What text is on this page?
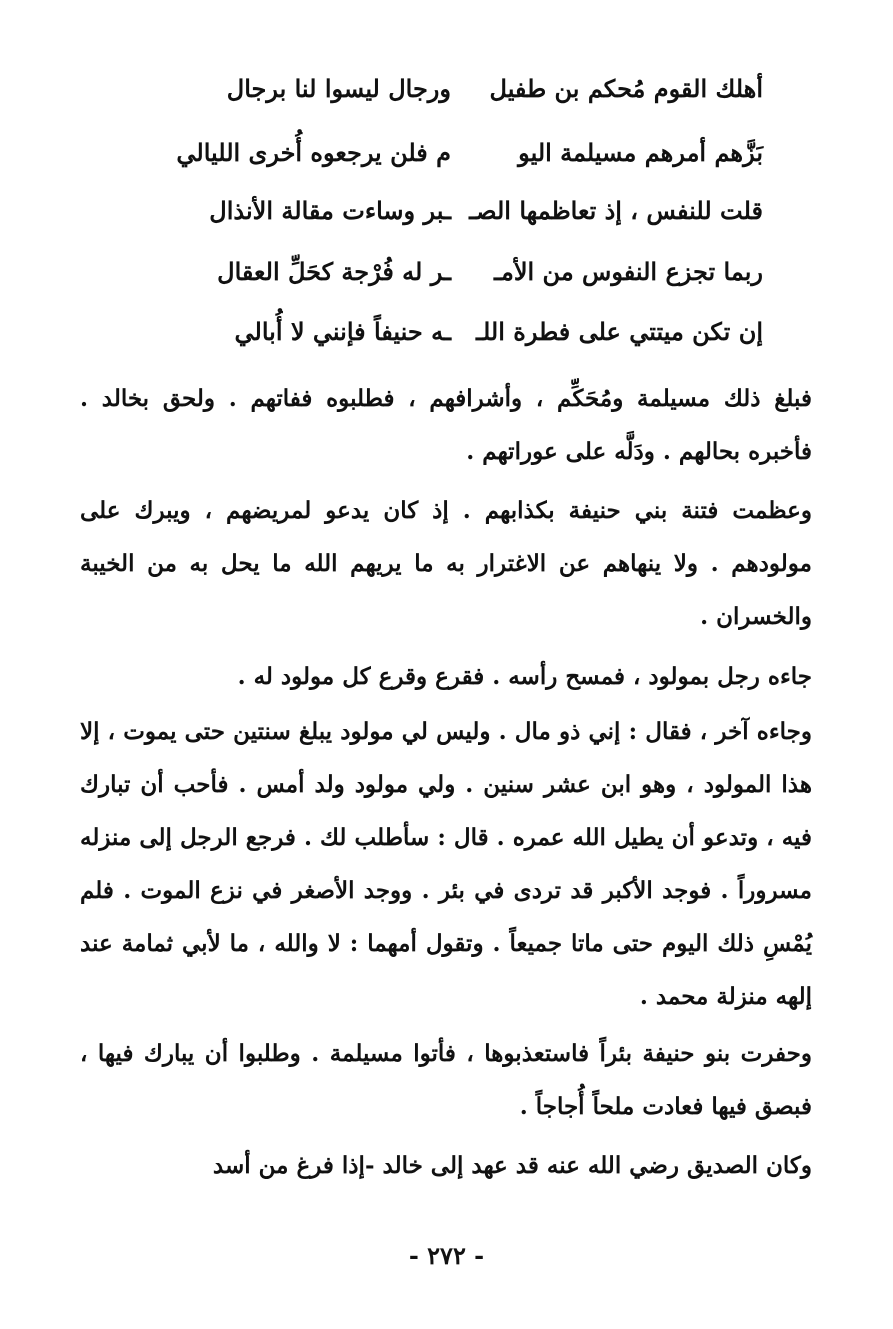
أهلك القوم مُحكم بن طفيل
ورجال ليسوا لنا برجال
بَزَّهم أمرهم مسيلمة اليو
م فلن يرجعوه أُخرى الليالي
قلت للنفس ، إذ تعاظمها الصـ
ـبر وساءت مقالة الأنذال
ربما تجزع النفوس من الأمـ
ـر له فُرْجة كحَلِّ العقال
إن تكن ميتتي على فطرة اللـ
ـه حنيفاً فإنني لا أُبالي

فبلغ ذلك مسيلمة ومُحَكِّم ، وأشرافهم ، فطلبوه ففاتهم . ولحق بخالد . فأخبره بحالهم . ودَلَّه على عوراتهم .

وعظمت فتنة بني حنيفة بكذابهم . إذ كان يدعو لمريضهم ، ويبرك على مولودهم . ولا ينهاهم عن الاغترار به ما يريهم الله ما يحل به من الخيبة والخسران .

جاءه رجل بمولود ، فمسح رأسه . فقرع وقرع كل مولود له .

وجاءه آخر ، فقال : إني ذو مال . وليس لي مولود يبلغ سنتين حتى يموت ، إلا هذا المولود ، وهو ابن عشر سنين . ولي مولود ولد أمس . فأحب أن تبارك فيه ، وتدعو أن يطيل الله عمره . قال : سأطلب لك . فرجع الرجل إلى منزله مسروراً . فوجد الأكبر قد تردى في بئر . ووجد الأصغر في نزع الموت . فلم يُمْسِ ذلك اليوم حتى ماتا جميعاً . وتقول أمهما : لا والله ، ما لأبي ثمامة عند إلهه منزلة محمد .

وحفرت بنو حنيفة بئراً فاستعذبوها ، فأتوا مسيلمة . وطلبوا أن يبارك فيها ، فبصق فيها فعادت ملحاً أُجاجاً .

وكان الصديق رضي الله عنه قد عهد إلى خالد -إذا فرغ من أسد

- ٢٧٢ -
